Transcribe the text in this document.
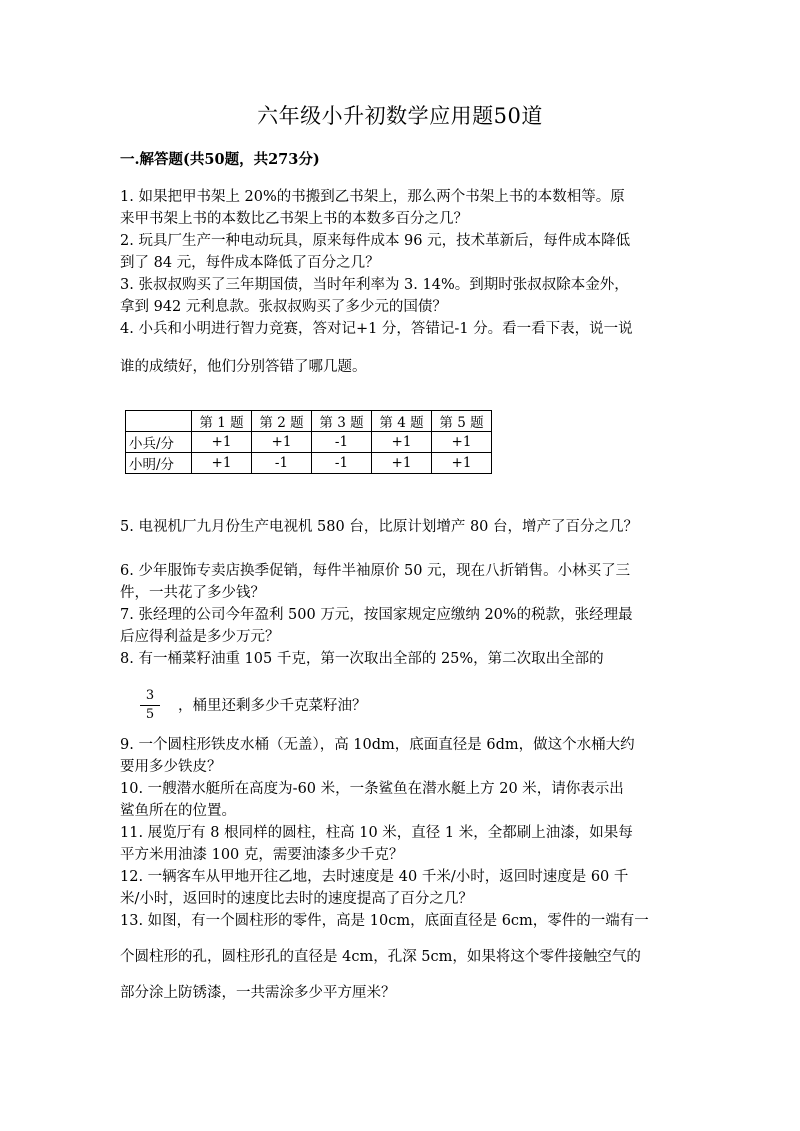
六年级小升初数学应用题50道
一.解答题(共50题，共273分)
1. 如果把甲书架上 20%的书搬到乙书架上，那么两个书架上书的本数相等。原
来甲书架上书的本数比乙书架上书的本数多百分之几？
2. 玩具厂生产一种电动玩具，原来每件成本 96 元，技术革新后，每件成本降低
到了 84 元，每件成本降低了百分之几？
3. 张叔叔购买了三年期国债，当时年利率为 3. 14%。到期时张叔叔除本金外，
拿到 942 元利息款。张叔叔购买了多少元的国债？
4. 小兵和小明进行智力竞赛，答对记+1 分，答错记-1 分。看一看下表，说一说
谁的成绩好，他们分别答错了哪几题。
	第 1 题	第 2 题	第 3 题	第 4 题	第 5 题
小兵/分	+1	+1	-1	+1	+1
小明/分	+1	-1	-1	+1	+1
5. 电视机厂九月份生产电视机 580 台，比原计划增产 80 台，增产了百分之几？
6. 少年服饰专卖店换季促销，每件半袖原价 50 元，现在八折销售。小林买了三
件，一共花了多少钱？
7. 张经理的公司今年盈利 500 万元，按国家规定应缴纳 20%的税款，张经理最
后应得利益是多少万元？
8. 有一桶菜籽油重 105 千克，第一次取出全部的 25%，第二次取出全部的
3
5
，桶里还剩多少千克菜籽油？
9. 一个圆柱形铁皮水桶（无盖），高 10dm，底面直径是 6dm，做这个水桶大约
要用多少铁皮？
10. 一艘潜水艇所在高度为-60 米，一条鲨鱼在潜水艇上方 20 米，请你表示出
鲨鱼所在的位置。
11. 展览厅有 8 根同样的圆柱，柱高 10 米，直径 1 米，全都刷上油漆，如果每
平方米用油漆 100 克，需要油漆多少千克？
12. 一辆客车从甲地开往乙地，去时速度是 40 千米/小时，返回时速度是 60 千
米/小时，返回时的速度比去时的速度提高了百分之几？
13. 如图，有一个圆柱形的零件，高是 10cm，底面直径是 6cm，零件的一端有一
个圆柱形的孔，圆柱形孔的直径是 4cm，孔深 5cm，如果将这个零件接触空气的
部分涂上防锈漆，一共需涂多少平方厘米？
